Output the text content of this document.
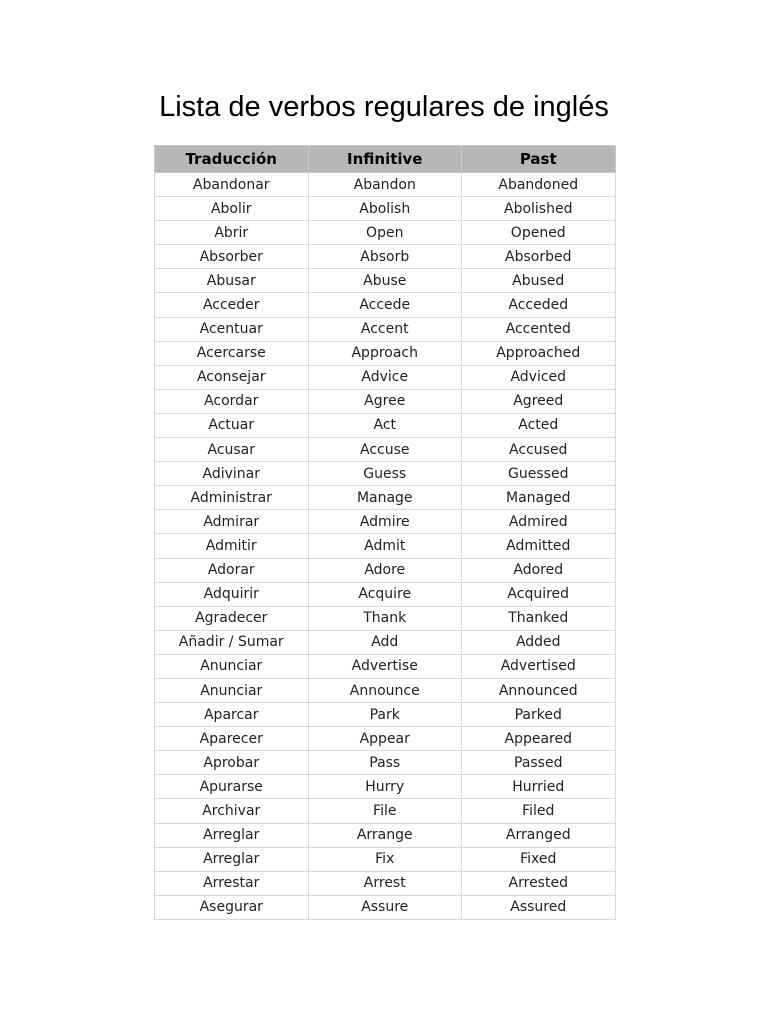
Lista de verbos regulares de inglés
Traducción	Infinitive	Past
Abandonar	Abandon	Abandoned
Abolir	Abolish	Abolished
Abrir	Open	Opened
Absorber	Absorb	Absorbed
Abusar	Abuse	Abused
Acceder	Accede	Acceded
Acentuar	Accent	Accented
Acercarse	Approach	Approached
Aconsejar	Advice	Adviced
Acordar	Agree	Agreed
Actuar	Act	Acted
Acusar	Accuse	Accused
Adivinar	Guess	Guessed
Administrar	Manage	Managed
Admirar	Admire	Admired
Admitir	Admit	Admitted
Adorar	Adore	Adored
Adquirir	Acquire	Acquired
Agradecer	Thank	Thanked
Añadir / Sumar	Add	Added
Anunciar	Advertise	Advertised
Anunciar	Announce	Announced
Aparcar	Park	Parked
Aparecer	Appear	Appeared
Aprobar	Pass	Passed
Apurarse	Hurry	Hurried
Archivar	File	Filed
Arreglar	Arrange	Arranged
Arreglar	Fix	Fixed
Arrestar	Arrest	Arrested
Asegurar	Assure	Assured
